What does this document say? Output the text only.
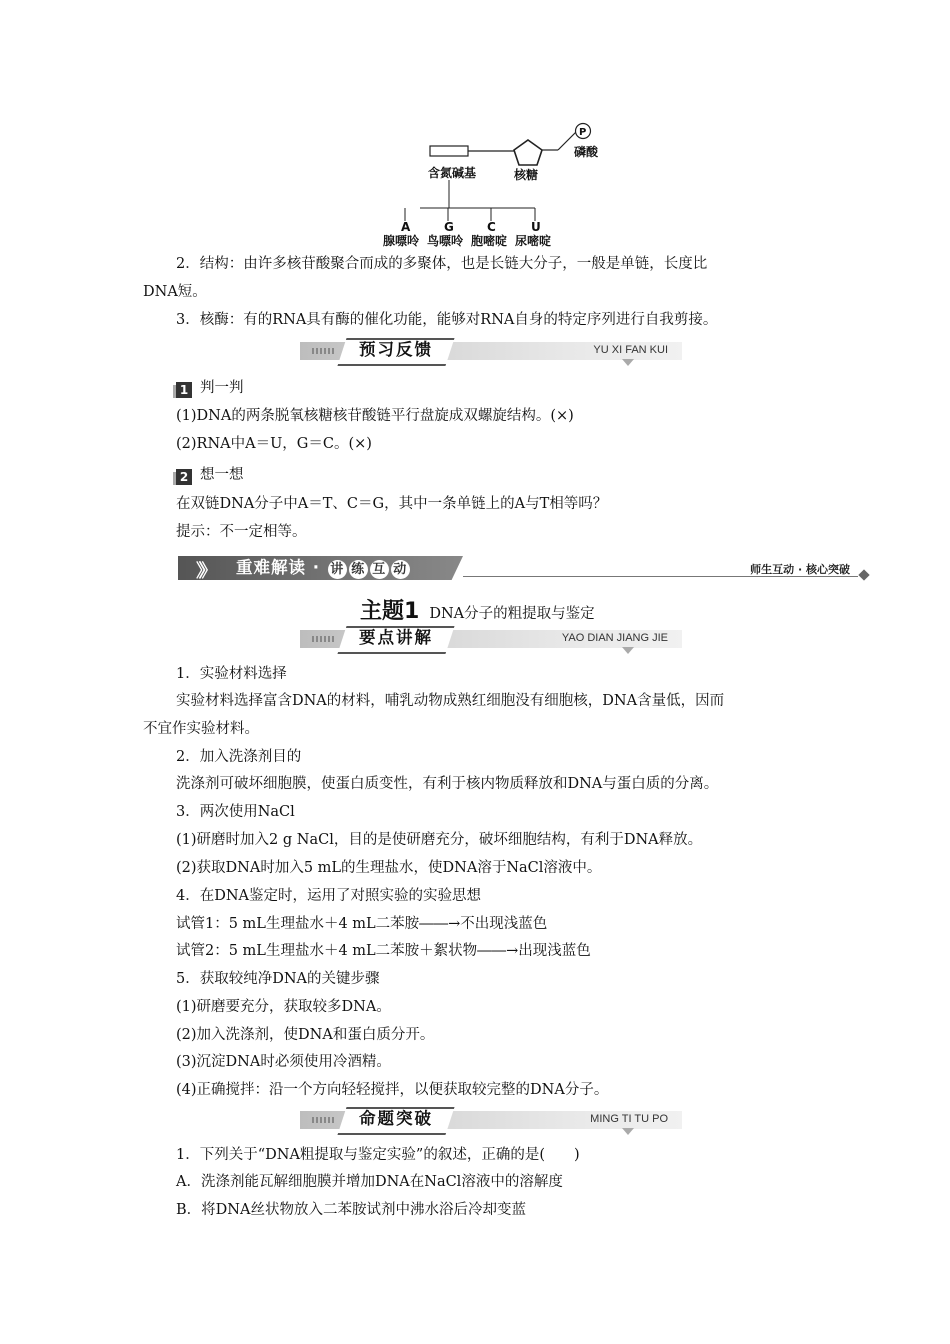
P
磷酸
含氮碱基	核糖
A	G	C	U
腺嘌呤 鸟嘌呤 胞嘧啶 尿嘧啶
2．结构：由许多核苷酸聚合而成的多聚体，也是长链大分子，一般是单链，长度比
DNA短。
3．核酶：有的RNA具有酶的催化功能，能够对RNA自身的特定序列进行自我剪接。
预习反馈	YU XI FAN KUI
1 判一判
(1)DNA的两条脱氧核糖核苷酸链平行盘旋成双螺旋结构。(×)
(2)RNA中A＝U，G＝C。(×)
2 想一想
在双链DNA分子中A＝T、C＝G，其中一条单链上的A与T相等吗？
提示：不一定相等。
》》 重难解读 · 讲 练 互 动	师生互动 · 核心突破
主题1 DNA分子的粗提取与鉴定
要点讲解	YAO DIAN JIANG JIE
1．实验材料选择
实验材料选择富含DNA的材料，哺乳动物成熟红细胞没有细胞核，DNA含量低，因而
不宜作实验材料。
2．加入洗涤剂目的
洗涤剂可破坏细胞膜，使蛋白质变性，有利于核内物质释放和DNA与蛋白质的分离。
3．两次使用NaCl
(1)研磨时加入2 g NaCl，目的是使研磨充分，破坏细胞结构，有利于DNA释放。
(2)获取DNA时加入5 mL的生理盐水，使DNA溶于NaCl溶液中。
4．在DNA鉴定时，运用了对照实验的实验思想
试管1：5 mL生理盐水＋4 mL二苯胺――→不出现浅蓝色
试管2：5 mL生理盐水＋4 mL二苯胺＋絮状物――→出现浅蓝色
5．获取较纯净DNA的关键步骤
(1)研磨要充分，获取较多DNA。
(2)加入洗涤剂，使DNA和蛋白质分开。
(3)沉淀DNA时必须使用冷酒精。
(4)正确搅拌：沿一个方向轻轻搅拌，以便获取较完整的DNA分子。
命题突破	MING TI TU PO
1．下列关于“DNA粗提取与鉴定实验”的叙述，正确的是(　　)
A．洗涤剂能瓦解细胞膜并增加DNA在NaCl溶液中的溶解度
B．将DNA丝状物放入二苯胺试剂中沸水浴后冷却变蓝
